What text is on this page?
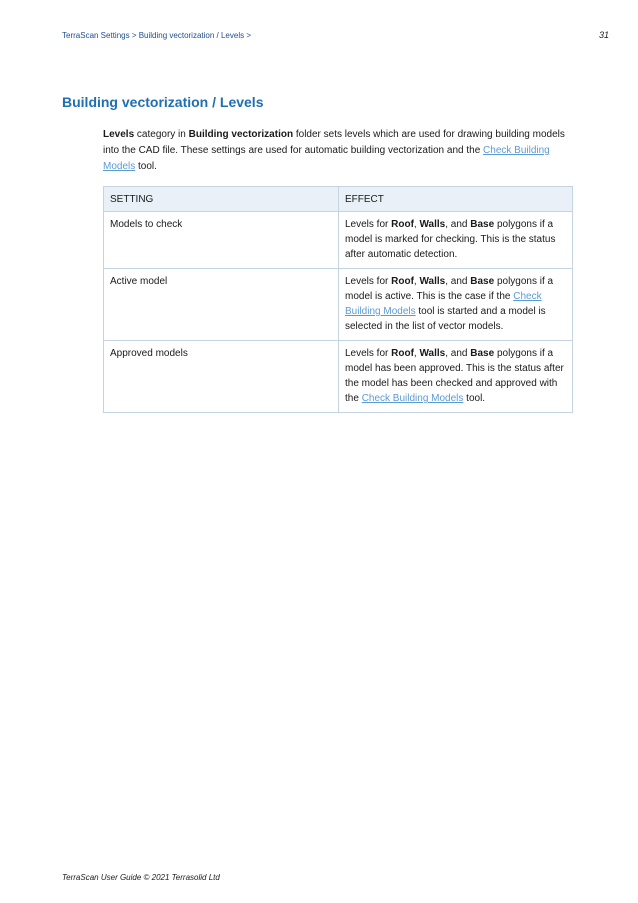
TerraScan Settings > Building vectorization / Levels >	31
Building vectorization / Levels

Levels category in Building vectorization folder sets levels which are used for drawing building models into the CAD file. These settings are used for automatic building vectorization and the Check Building Models tool.

SETTING	EFFECT
Models to check	Levels for Roof, Walls, and Base polygons if a model is marked for checking. This is the status after automatic detection.
Active model	Levels for Roof, Walls, and Base polygons if a model is active. This is the case if the Check Building Models tool is started and a model is selected in the list of vector models.
Approved models	Levels for Roof, Walls, and Base polygons if a model has been approved. This is the status after the model has been checked and approved with the Check Building Models tool.
TerraScan User Guide © 2021 Terrasolid Ltd
